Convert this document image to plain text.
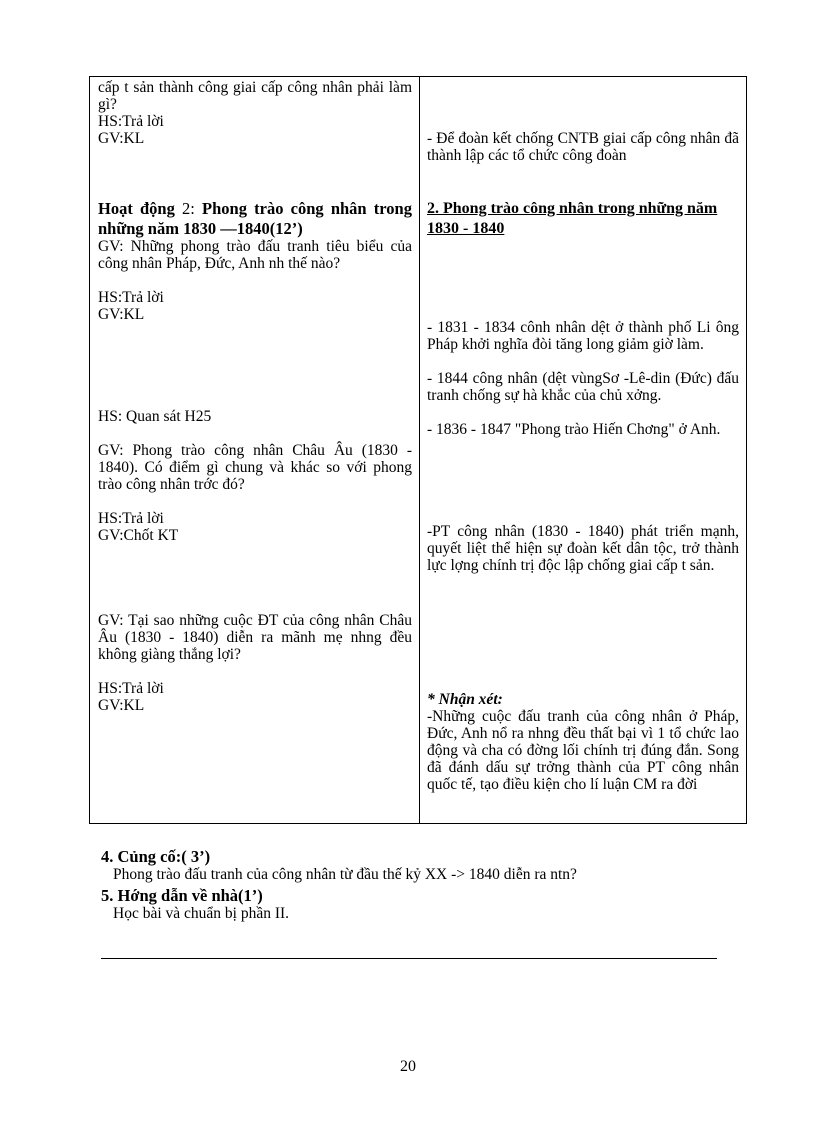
cấp t sản thành công giai cấp công nhân phải làm gì?
HS:Trả lời
GV:KL
Hoạt động 2: Phong trào công nhân trong những năm 1830 —1840(12’)
GV: Những phong trào đấu tranh tiêu biểu của công nhân Pháp, Đức, Anh nh thế nào?
HS:Trả lời
GV:KL
HS: Quan sát H25
GV: Phong trào công nhân Châu Âu (1830 - 1840). Có điểm gì chung và khác so với phong trào công nhân trớc đó?
HS:Trả lời
GV:Chốt KT
GV: Tại sao những cuộc ĐT của công nhân Châu Âu (1830 - 1840) diễn ra mãnh mẹ nhng đều không giàng thắng lợi?
HS:Trả lời
GV:KL
- Để đoàn kết chống CNTB giai cấp công nhân đã thành lập các tổ chức công đoàn
2. Phong trào công nhân trong những năm 1830 - 1840
- 1831 - 1834 cônh nhân dệt ở thành phố Li ông Pháp khởi nghĩa đòi tăng long giảm giờ làm.
- 1844 công nhân (dệt vùngSơ -Lê-din (Đức) đấu tranh chống sự hà khắc của chủ xởng.
- 1836 - 1847 "Phong trào Hiến Chơng" ở Anh.
-PT công nhân (1830 - 1840) phát triển mạnh, quyết liệt thể hiện sự đoàn kết dân tộc, trở thành lực lợng chính trị độc lập chống giai cấp t sản.
* Nhận xét:
-Những cuộc đấu tranh của công nhân ở Pháp, Đức, Anh nổ ra nhng đều thất bại vì 1 tổ chức lao động và cha có đờng lối chính trị đúng đắn. Song đã đánh dấu sự trởng thành của PT công nhân quốc tế, tạo điều kiện cho lí luận CM ra đời
4. Củng cố:( 3’)
Phong trào đấu tranh của công nhân từ đầu thế kỷ XX -> 1840 diễn ra ntn?
5. Hớng dẫn về nhà(1’)
Học bài và chuẩn bị phần II.
20
